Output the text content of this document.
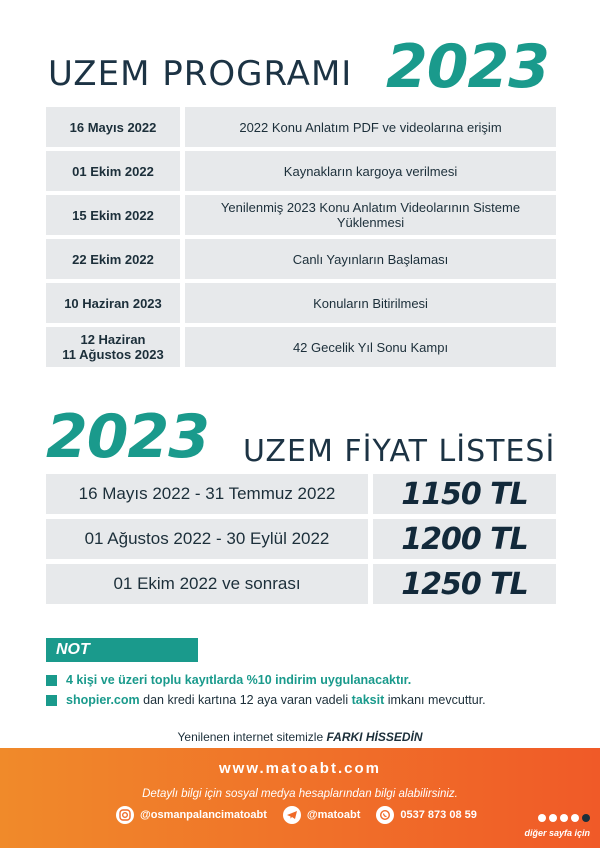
UZEM PROGRAMI 2023
16 Mayıs 2022	2022 Konu Anlatım PDF ve videolarına erişim
01 Ekim 2022	Kaynakların kargoya verilmesi
15 Ekim 2022	Yenilenmiş 2023 Konu Anlatım Videolarının Sisteme Yüklenmesi
22 Ekim 2022	Canlı Yayınların Başlaması
10 Haziran 2023	Konuların Bitirilmesi
12 Haziran
11 Ağustos 2023	42 Gecelik Yıl Sonu Kampı
2023 UZEM FİYAT LİSTESİ
16 Mayıs 2022 - 31 Temmuz 2022	1150 TL
01 Ağustos 2022 - 30 Eylül 2022	1200 TL
01 Ekim 2022 ve sonrası	1250 TL
NOT
4 kişi ve üzeri toplu kayıtlarda %10 indirim uygulanacaktır.
shopier.com dan kredi kartına 12 aya varan vadeli taksit imkanı mevcuttur.
Yenilenen internet sitemizle FARKI HİSSEDİN
www.matoabt.com
Detaylı bilgi için sosyal medya hesaplarından bilgi alabilirsiniz.
@osmanpalancimatoabt	@matoabt	0537 873 08 59
diğer sayfa için
